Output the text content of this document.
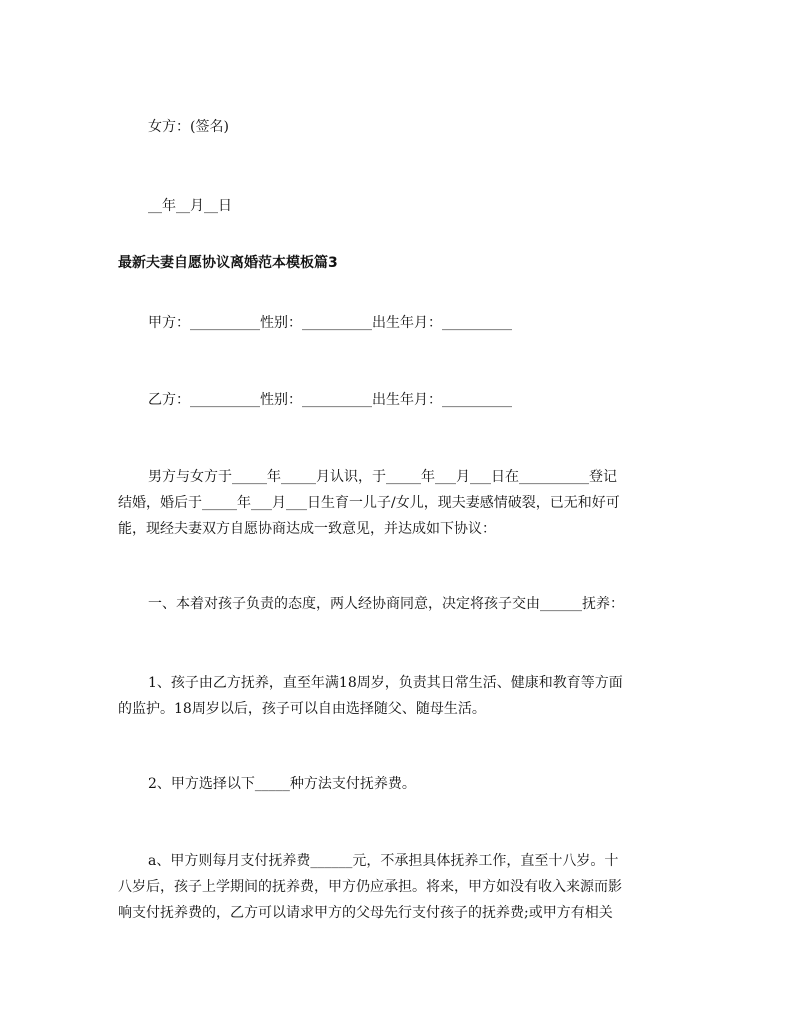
女方：(签名)
__年__月__日
最新夫妻自愿协议离婚范本模板篇3
甲方：__________性别：__________出生年月：__________
乙方：__________性别：__________出生年月：__________
男方与女方于_____年_____月认识，于_____年___月___日在__________登记
结婚，婚后于_____年___月___日生育一儿子/女儿，现夫妻感情破裂，已无和好可
能，现经夫妻双方自愿协商达成一致意见，并达成如下协议：
一、本着对孩子负责的态度，两人经协商同意，决定将孩子交由______抚养：
1、孩子由乙方抚养，直至年满18周岁，负责其日常生活、健康和教育等方面
的监护。18周岁以后，孩子可以自由选择随父、随母生活。
2、甲方选择以下_____种方法支付抚养费。
a、甲方则每月支付抚养费______元，不承担具体抚养工作，直至十八岁。十
八岁后，孩子上学期间的抚养费，甲方仍应承担。将来，甲方如没有收入来源而影
响支付抚养费的，乙方可以请求甲方的父母先行支付孩子的抚养费;或甲方有相关
